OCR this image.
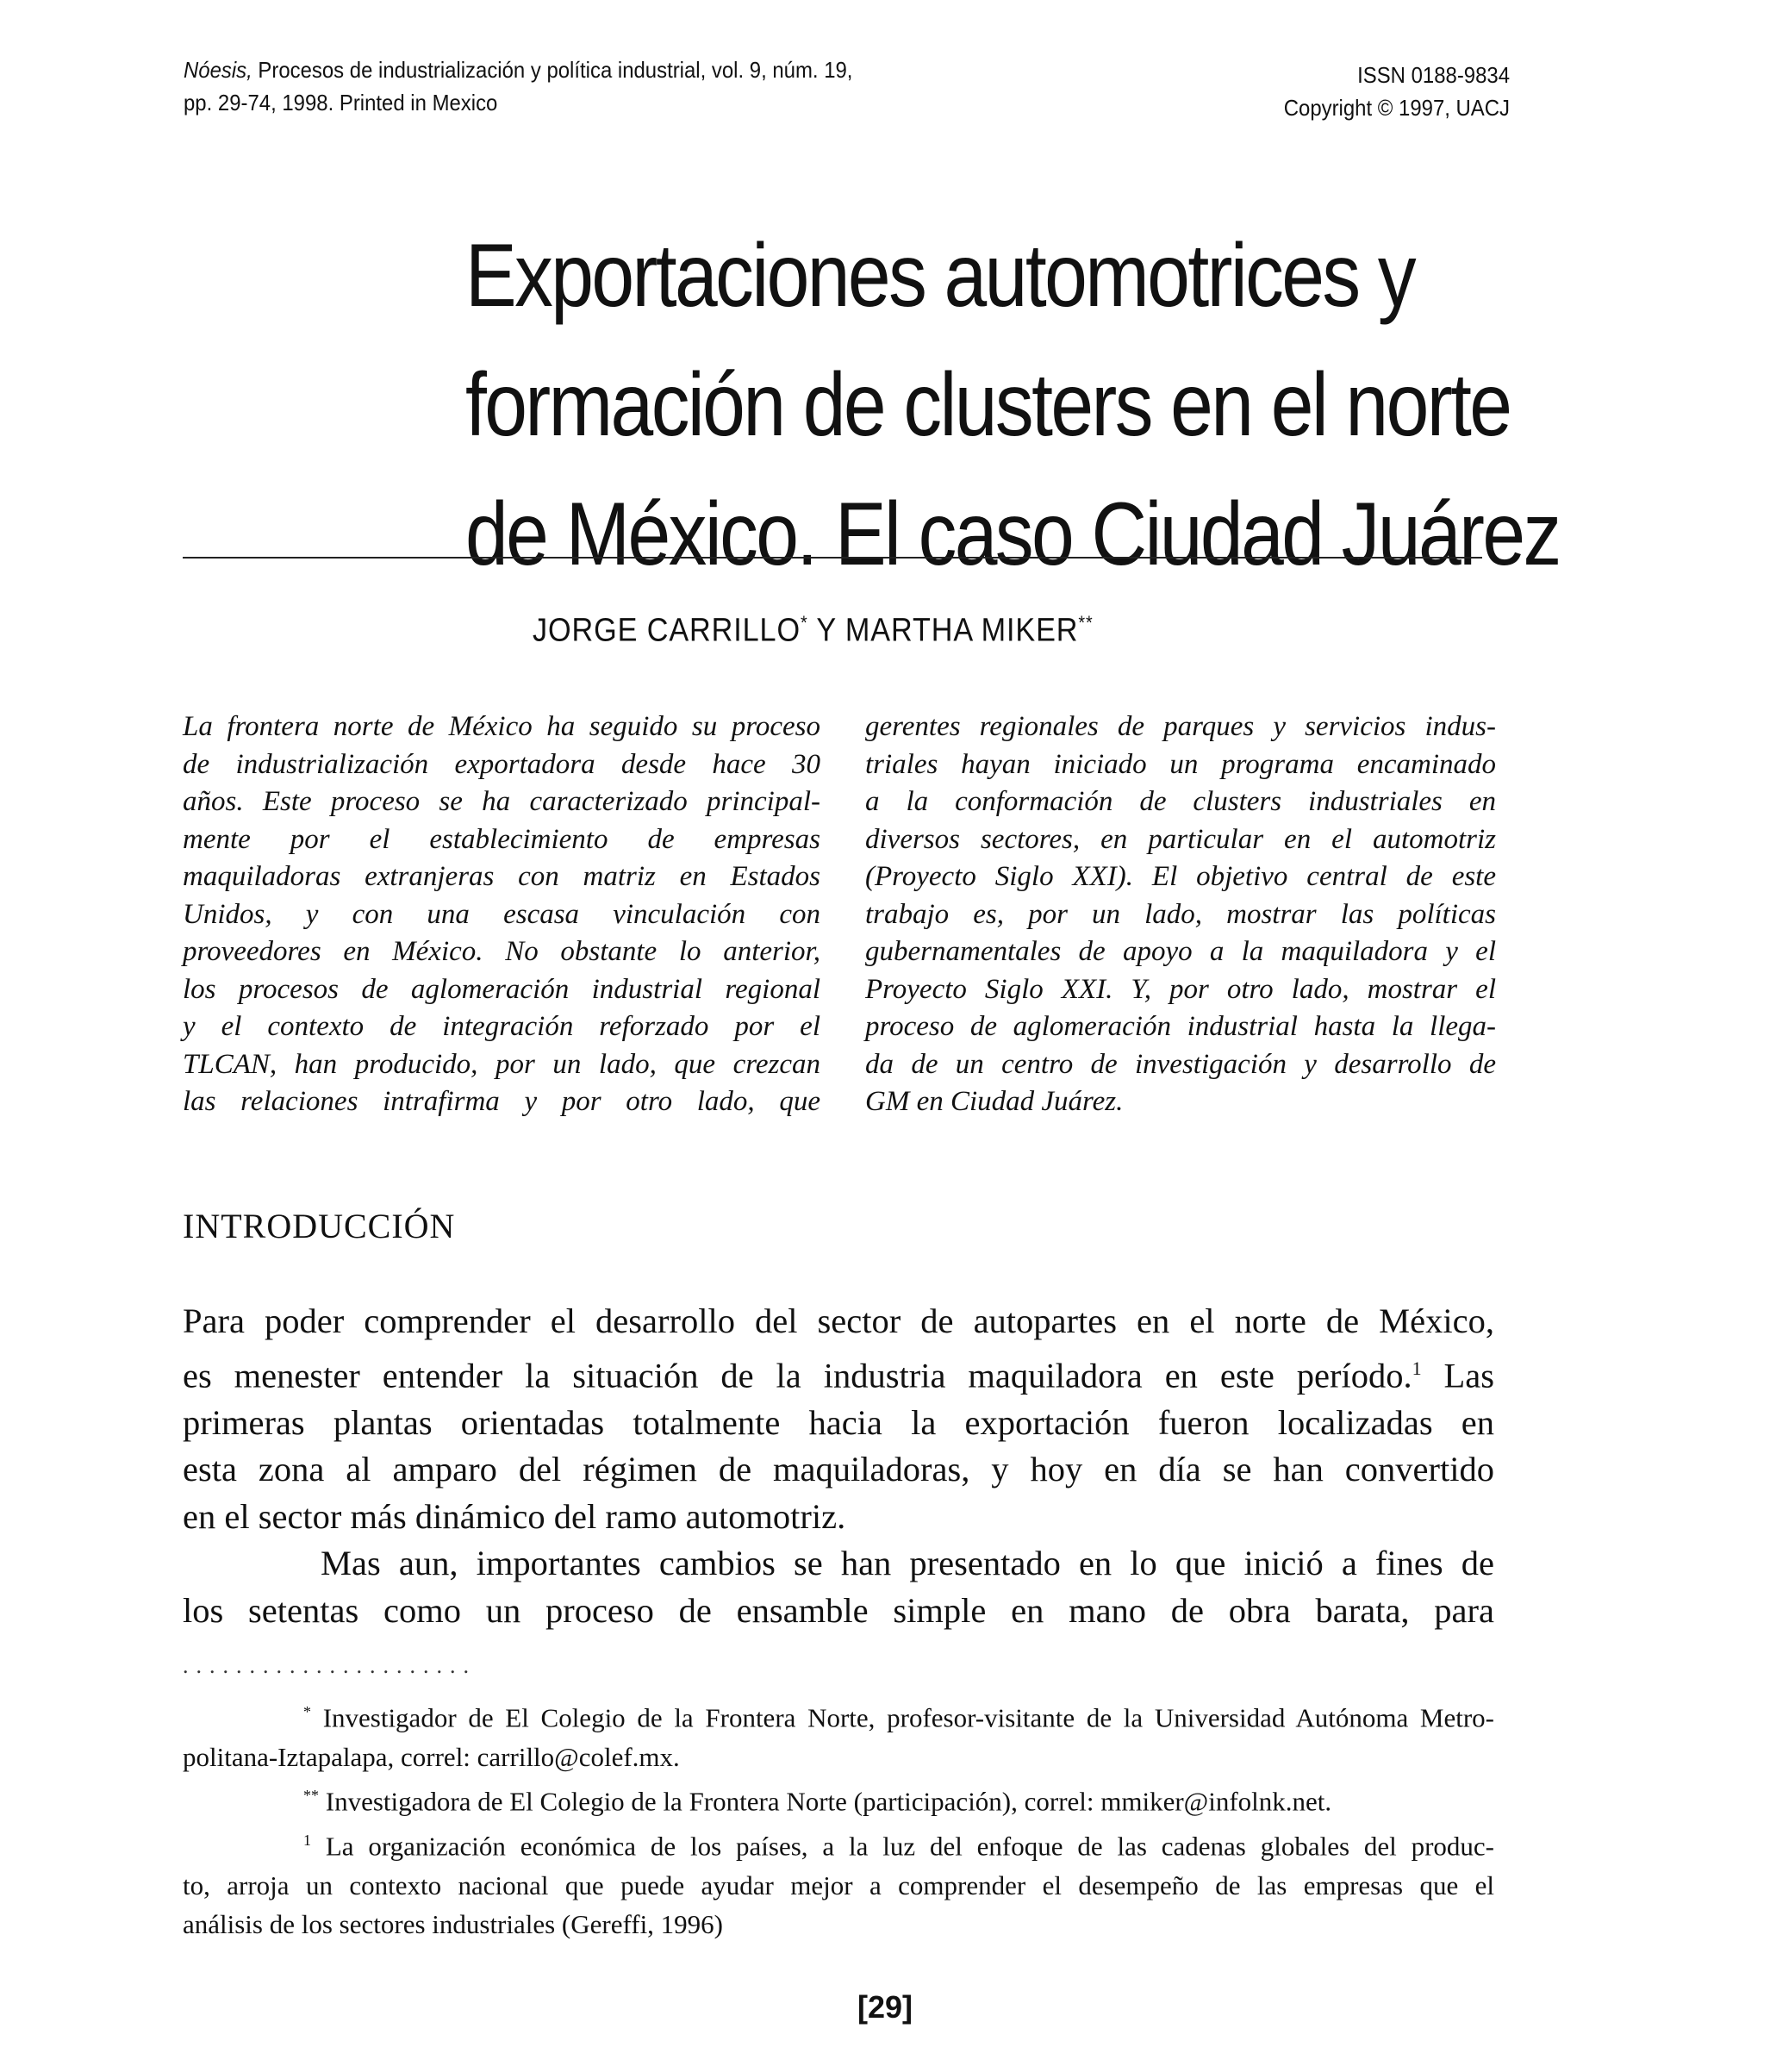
Nóesis, Procesos de industrialización y política industrial, vol. 9, núm. 19,
pp. 29-74, 1998. Printed in Mexico
ISSN 0188-9834
Copyright © 1997, UACJ
Exportaciones automotrices y
formación de clusters en el norte
de México. El caso Ciudad Juárez
JORGE CARRILLO* Y MARTHA MIKER**
La frontera norte de México ha seguido su proceso
de industrialización exportadora desde hace 30
años. Este proceso se ha caracterizado principal-
mente por el establecimiento de empresas
maquiladoras extranjeras con matriz en Estados
Unidos, y con una escasa vinculación con
proveedores en México. No obstante lo anterior,
los procesos de aglomeración industrial regional
y el contexto de integración reforzado por el
TLCAN, han producido, por un lado, que crezcan
las relaciones intrafirma y por otro lado, que
gerentes regionales de parques y servicios indus-
triales hayan iniciado un programa encaminado
a la conformación de clusters industriales en
diversos sectores, en particular en el automotriz
(Proyecto Siglo XXI). El objetivo central de este
trabajo es, por un lado, mostrar las políticas
gubernamentales de apoyo a la maquiladora y el
Proyecto Siglo XXI. Y, por otro lado, mostrar el
proceso de aglomeración industrial hasta la llega-
da de un centro de investigación y desarrollo de
GM en Ciudad Juárez.
INTRODUCCIÓN
Para poder comprender el desarrollo del sector de autopartes en el norte de México,
es menester entender la situación de la industria maquiladora en este período.$^1$ Las
primeras plantas orientadas totalmente hacia la exportación fueron localizadas en
esta zona al amparo del régimen de maquiladoras, y hoy en día se han convertido
en el sector más dinámico del ramo automotriz.
Mas aun, importantes cambios se han presentado en lo que inició a fines de
los setentas como un proceso de ensamble simple en mano de obra barata, para
......................
* Investigador de El Colegio de la Frontera Norte, profesor-visitante de la Universidad Autónoma Metro-
politana-Iztapalapa, correl: carrillo@colef.mx.
** Investigadora de El Colegio de la Frontera Norte (participación), correl: mmiker@infolnk.net.
$^1$ La organización económica de los países, a la luz del enfoque de las cadenas globales del produc-
to, arroja un contexto nacional que puede ayudar mejor a comprender el desempeño de las empresas que el
análisis de los sectores industriales (Gereffi, 1996)
[29]
